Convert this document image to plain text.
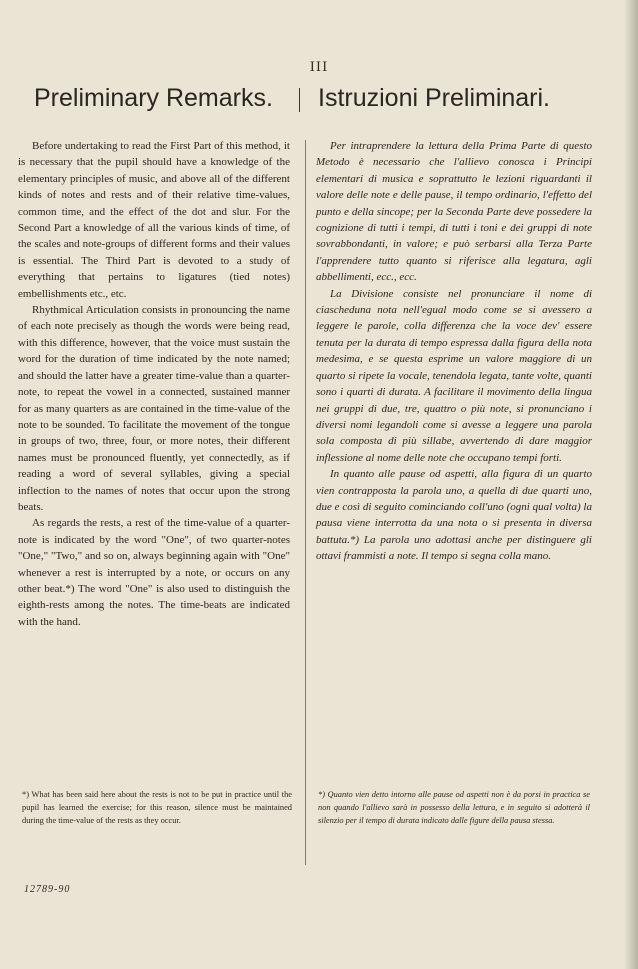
III
Preliminary Remarks. Istruzioni Preliminari.

Before undertaking to read the First Part of this method, it is necessary that the pupil should have a knowledge of the elementary principles of music, and above all of the different kinds of notes and rests and of their relative time-values, common time, and the effect of the dot and slur. For the Second Part a knowledge of all the various kinds of time, of the scales and note-groups of different forms and their values is essential. The Third Part is devoted to a study of everything that pertains to ligatures (tied notes) embellishments etc., etc.

Rhythmical Articulation consists in pronouncing the name of each note precisely as though the words were being read, with this difference, however, that the voice must sustain the word for the duration of time indicated by the note named; and should the latter have a greater time-value than a quarter-note, to repeat the vowel in a connected, sustained manner for as many quarters as are contained in the time-value of the note to be sounded. To facilitate the movement of the tongue in groups of two, three, four, or more notes, their different names must be pronounced fluently, yet connectedly, as if reading a word of several syllables, giving a special inflection to the names of notes that occur upon the strong beats.

As regards the rests, a rest of the time-value of a quarter-note is indicated by the word "One", of two quarter-notes "One," "Two," and so on, always beginning again with "One" whenever a rest is interrupted by a note, or occurs on any other beat.*) The word "One" is also used to distinguish the eighth-rests among the notes. The time-beats are indicated with the hand.

Per intraprendere la lettura della Prima Parte di questo Metodo è necessario che l'allievo conosca i Principi elementari di musica e soprattutto le lezioni riguardanti il valore delle note e delle pause, il tempo ordinario, l'effetto del punto e della sincope; per la Seconda Parte deve possedere la cognizione di tutti i tempi, di tutti i toni e dei gruppi di note sovrabbondanti, in valore; e può serbarsi alla Terza Parte l'apprendere tutto quanto si riferisce alla legatura, agli abbellimenti, ecc., ecc.

La Divisione consiste nel pronunciare il nome di ciascheduna nota nell'egual modo come se si avessero a leggere le parole, colla differenza che la voce dev' essere tenuta per la durata di tempo espressa dalla figura della nota medesima, e se questa esprime un valore maggiore di un quarto si ripete la vocale, tenendola legata, tante volte, quanti sono i quarti di durata. A facilitare il movimento della lingua nei gruppi di due, tre, quattro o più note, si pronunciano i diversi nomi legandoli come si avesse a leggere una parola sola composta di più sillabe, avvertendo di dare maggior inflessione al nome delle note che occupano tempi forti.

In quanto alle pause od aspetti, alla figura di un quarto vien contrapposta la parola uno, a quella di due quarti uno, due e così di seguito cominciando coll'uno (ogni qual volta) la pausa viene interrotta da una nota o si presenta in diversa battuta.*) La parola uno adottasi anche per distinguere gli ottavi frammisti a note. Il tempo si segna colla mano.

*) What has been said here about the rests is not to be put in practice until the pupil has learned the exercise; for this reason, silence must be maintained during the time-value of the rests as they occur.
*) Quanto vien detto intorno alle pause od aspetti non è da porsi in practica se non quando l'allievo sarà in possesso della lettura, e in seguito si adotterà il silenzio per il tempo di durata indicato dalle figure della pausa stessa.
12789-90
